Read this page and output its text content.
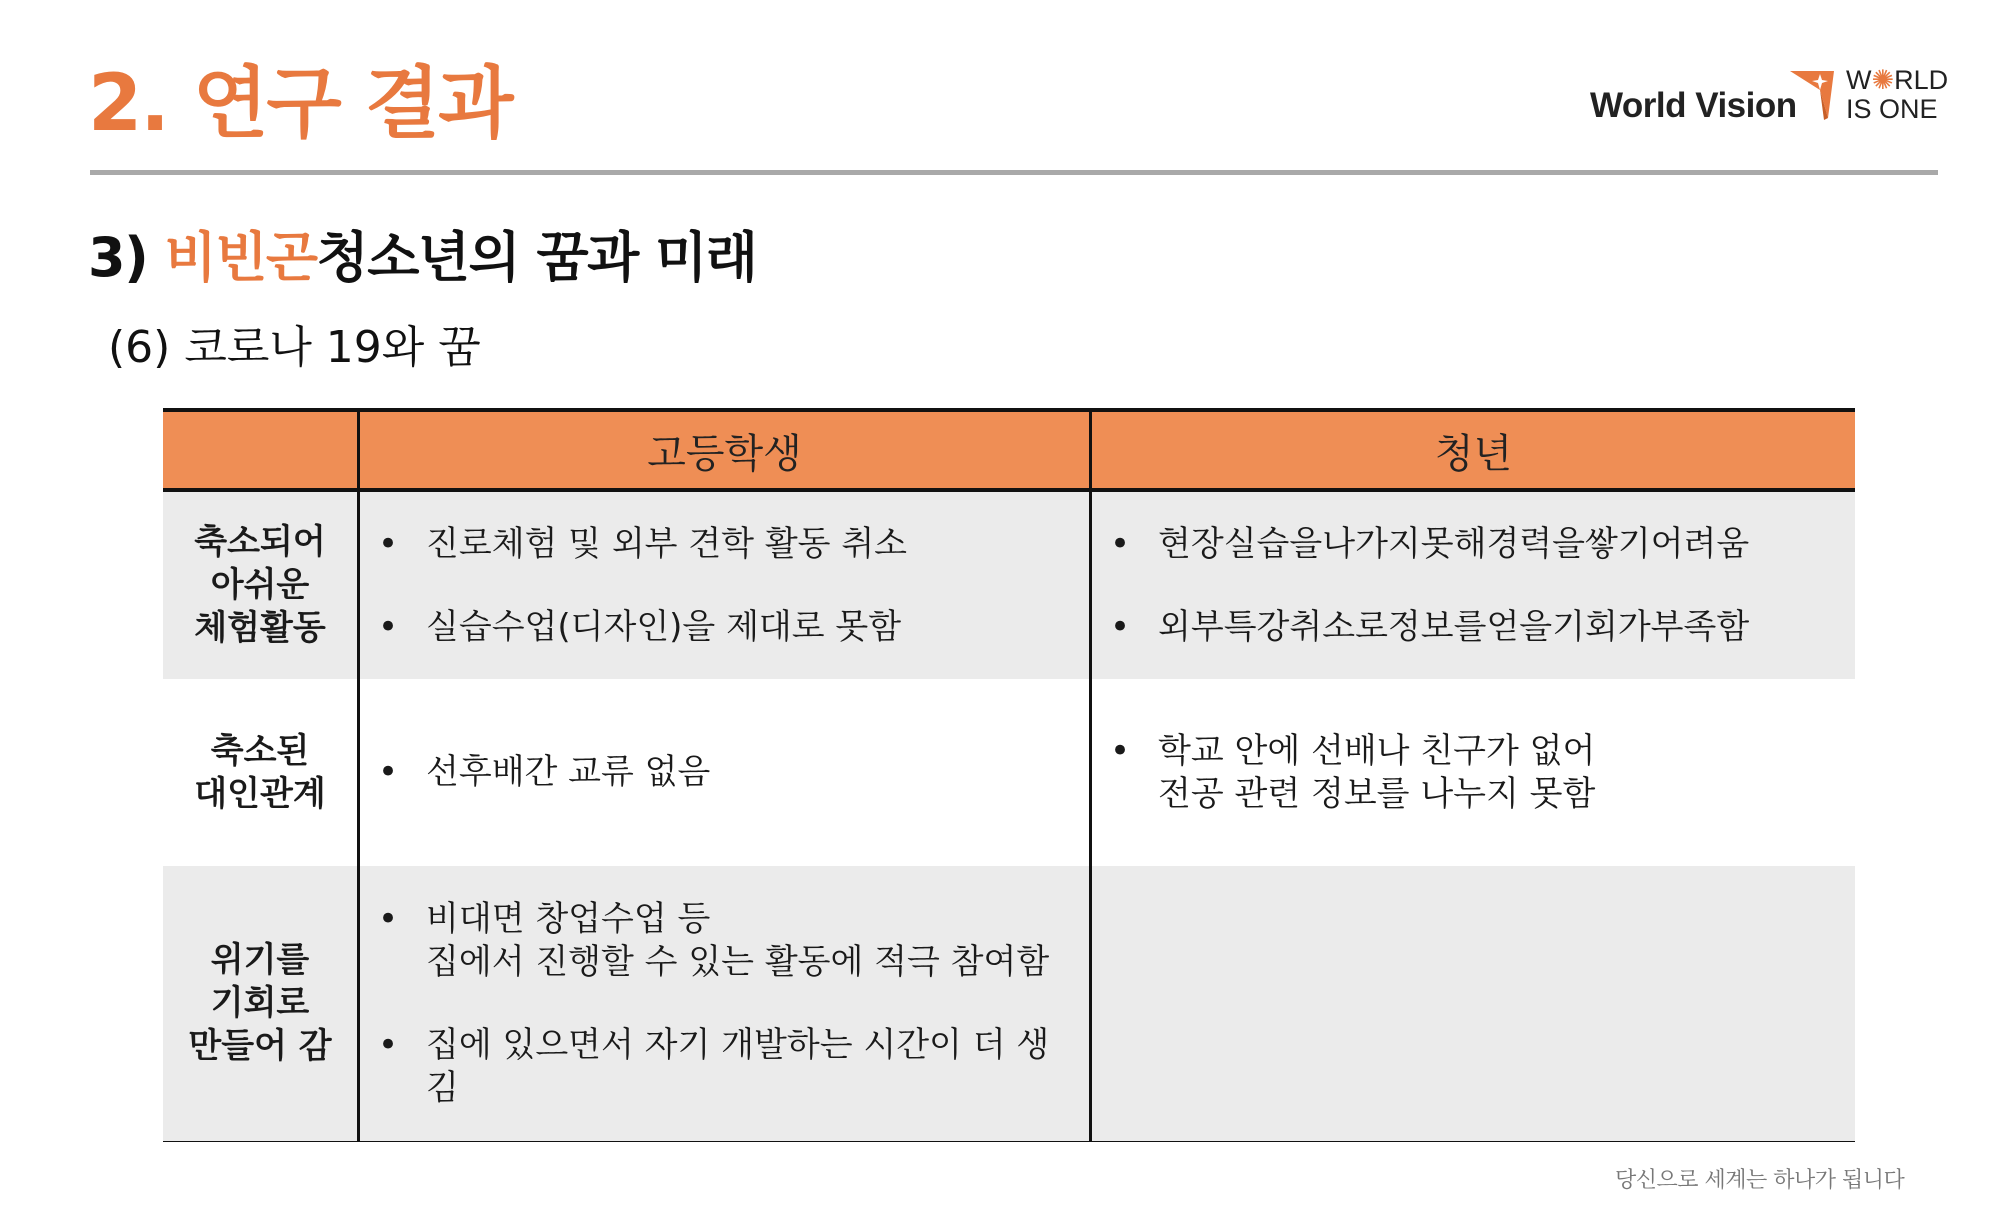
2. 연구 결과	World Vision
W✺RLD
IS ONE
3) 비빈곤청소년의 꿈과 미래
(6) 코로나 19와 꿈
고등학생	청년
축소되어
아쉬운
체험활동
• 진로체험 및 외부 견학 활동 취소
• 실습수업(디자인)을 제대로 못함
• 현장실습을나가지못해경력을쌓기어려움
• 외부특강취소로정보를얻을기회가부족함
축소된
대인관계
• 선후배간 교류 없음
• 학교 안에 선배나 친구가 없어
전공 관련 정보를 나누지 못함
위기를
기회로
만들어 감
• 비대면 창업수업 등
집에서 진행할 수 있는 활동에 적극 참여함
• 집에 있으면서 자기 개발하는 시간이 더 생김
당신으로 세계는 하나가 됩니다
